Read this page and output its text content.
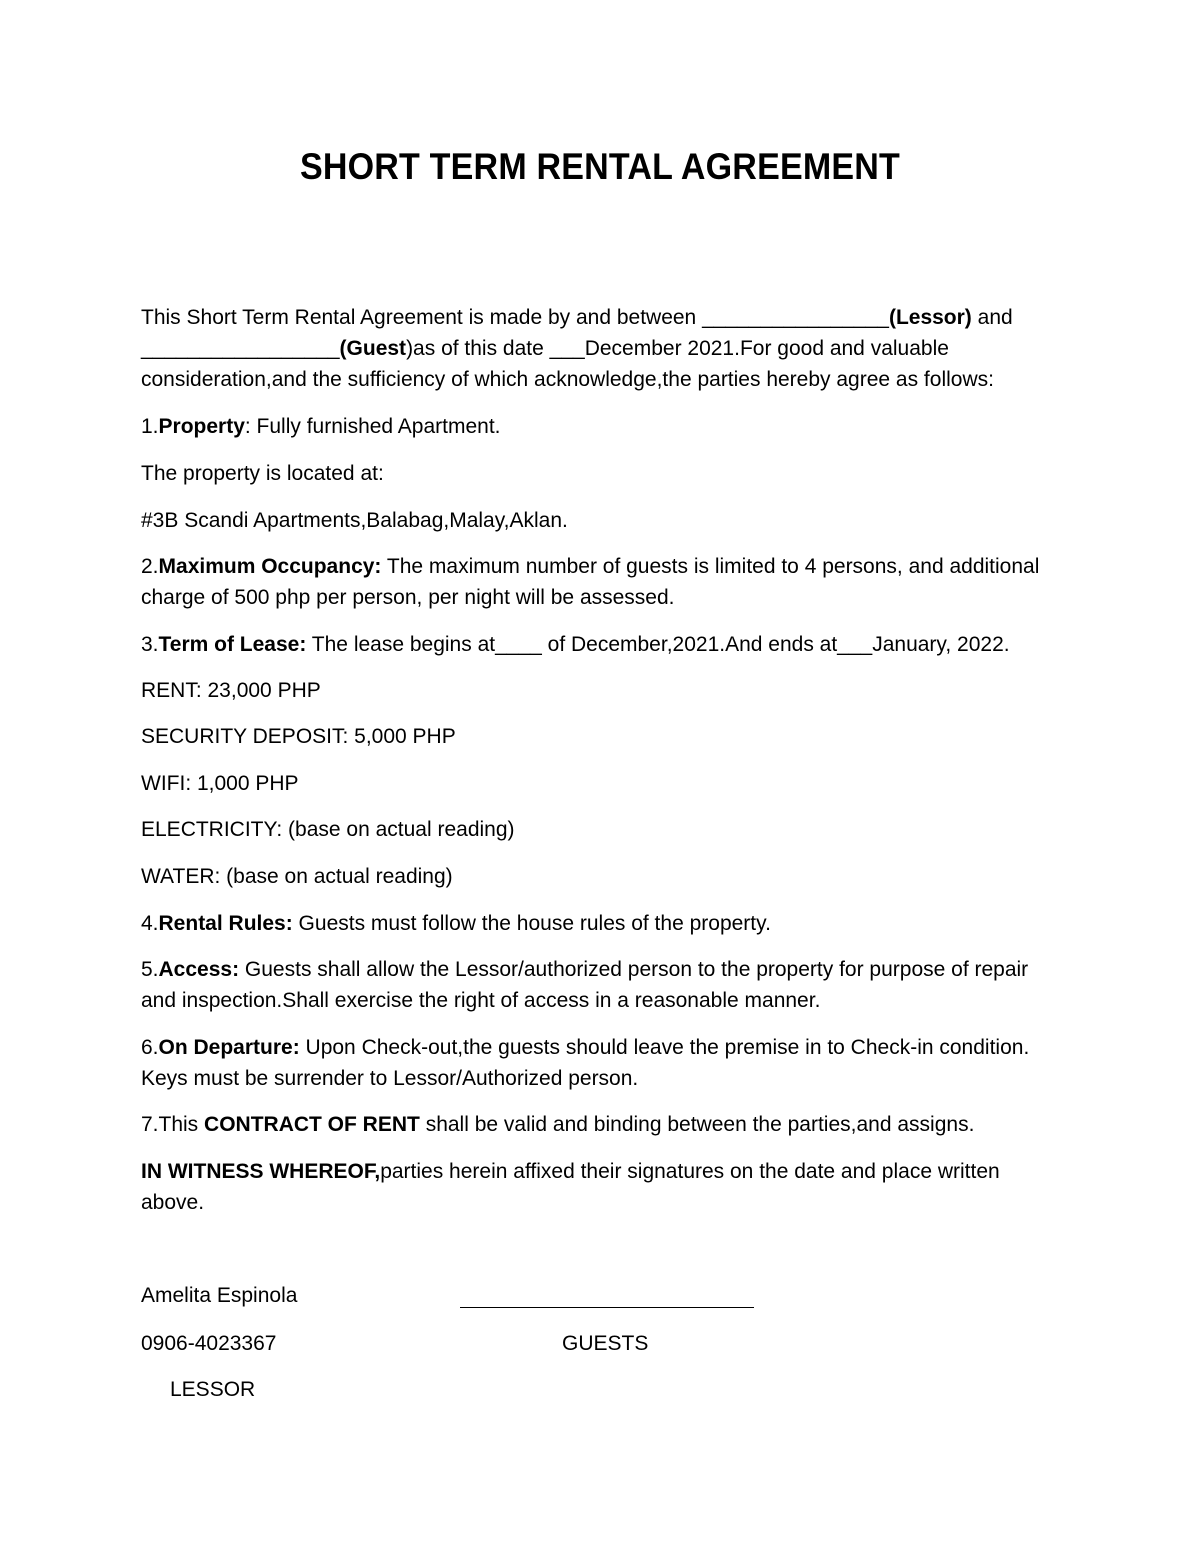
SHORT TERM RENTAL AGREEMENT
This Short Term Rental Agreement is made by and between ________________(Lessor) and
_________________(Guest)as of this date ___December 2021.For good and valuable
consideration,and the sufficiency of which acknowledge,the parties hereby agree as follows:
1.Property: Fully furnished Apartment.
The property is located at:
#3B Scandi Apartments,Balabag,Malay,Aklan.
2.Maximum Occupancy: The maximum number of guests is limited to 4 persons, and additional
charge of 500 php per person, per night will be assessed.
3.Term of Lease: The lease begins at____ of December,2021.And ends at___January, 2022.
RENT: 23,000 PHP
SECURITY DEPOSIT: 5,000 PHP
WIFI: 1,000 PHP
ELECTRICITY: (base on actual reading)
WATER: (base on actual reading)
4.Rental Rules: Guests must follow the house rules of the property.
5.Access: Guests shall allow the Lessor/authorized person to the property for purpose of repair
and inspection.Shall exercise the right of access in a reasonable manner.
6.On Departure: Upon Check-out,the guests should leave the premise in to Check-in condition.
Keys must be surrender to Lessor/Authorized person.
7.This CONTRACT OF RENT shall be valid and binding between the parties,and assigns.
IN WITNESS WHEREOF,parties herein affixed their signatures on the date and place written
above.
Amelita Espinola
0906-4023367	GUESTS
LESSOR
